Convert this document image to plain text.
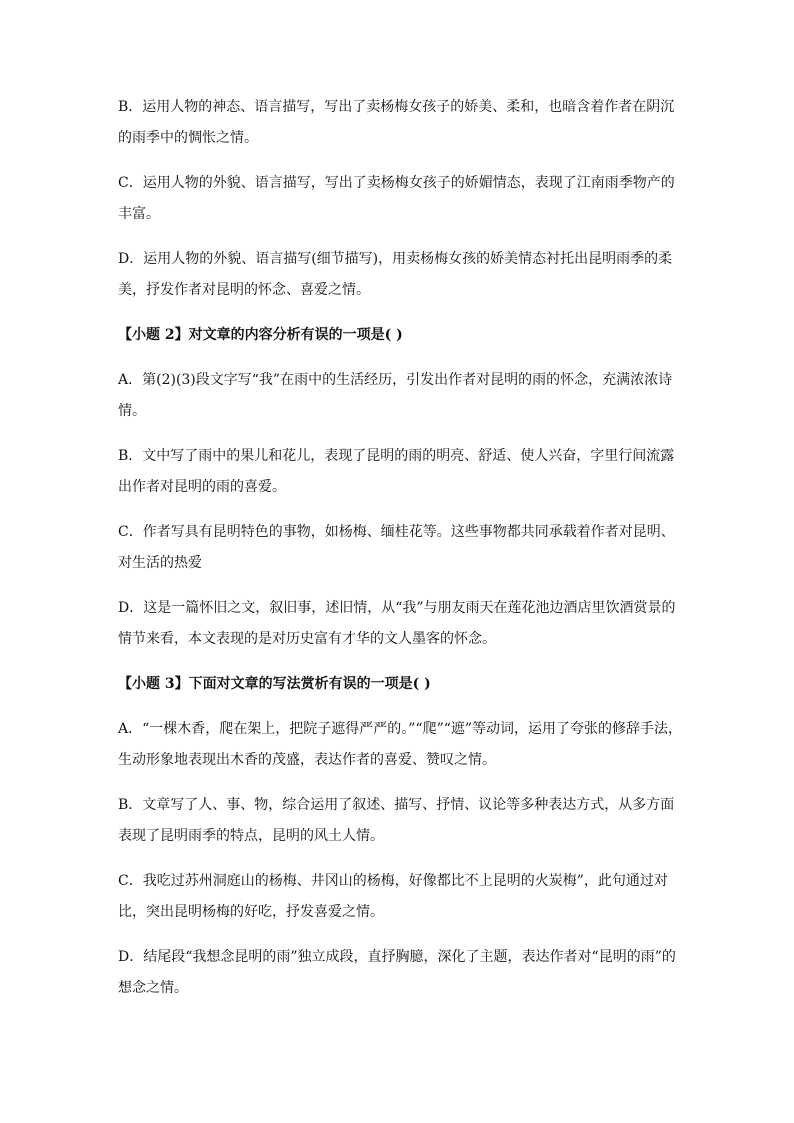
B．运用人物的神态、语言描写，写出了卖杨梅女孩子的娇美、柔和，也暗含着作者在阴沉的雨季中的惆怅之情。

C．运用人物的外貌、语言描写，写出了卖杨梅女孩子的娇媚情态，表现了江南雨季物产的丰富。

D．运用人物的外貌、语言描写(细节描写)，用卖杨梅女孩的娇美情态衬托出昆明雨季的柔美，抒发作者对昆明的怀念、喜爱之情。

【小题 2】对文章的内容分析有误的一项是( )

A．第(2)(3)段文字写“我”在雨中的生活经历，引发出作者对昆明的雨的怀念，充满浓浓诗情。

B．文中写了雨中的果儿和花儿，表现了昆明的雨的明亮、舒适、使人兴奋，字里行间流露出作者对昆明的雨的喜爱。

C．作者写具有昆明特色的事物，如杨梅、缅桂花等。这些事物都共同承载着作者对昆明、对生活的热爱

D．这是一篇怀旧之文，叙旧事，述旧情，从“我”与朋友雨天在莲花池边酒店里饮酒赏景的情节来看，本文表现的是对历史富有才华的文人墨客的怀念。

【小题 3】下面对文章的写法赏析有误的一项是( )

A．“一棵木香，爬在架上，把院子遮得严严的。”“爬”“遮”等动词，运用了夸张的修辞手法，生动形象地表现出木香的茂盛，表达作者的喜爱、赞叹之情。

B．文章写了人、事、物，综合运用了叙述、描写、抒情、议论等多种表达方式，从多方面表现了昆明雨季的特点，昆明的风土人情。

C．我吃过苏州洞庭山的杨梅、井冈山的杨梅，好像都比不上昆明的火炭梅”，此句通过对比，突出昆明杨梅的好吃，抒发喜爱之情。

D．结尾段“我想念昆明的雨”独立成段，直抒胸臆，深化了主题，表达作者对“昆明的雨”的想念之情。
